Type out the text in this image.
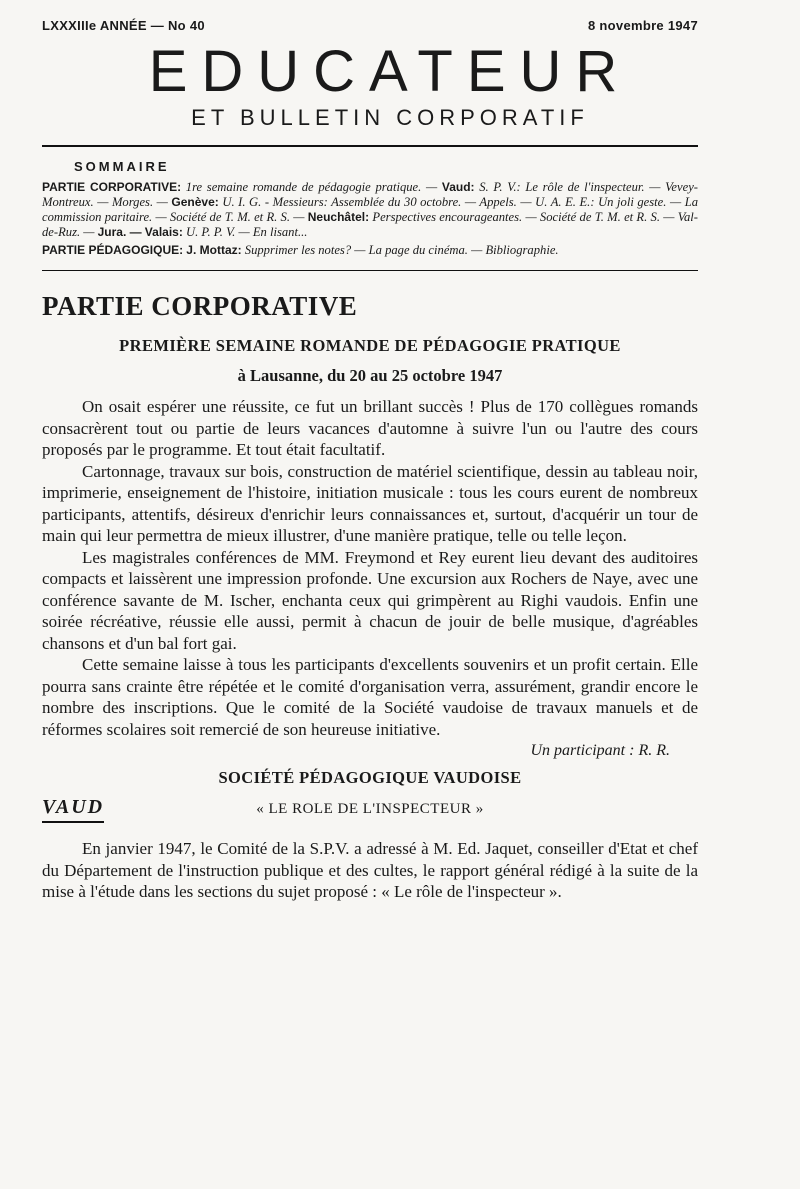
LXXXIIIe ANNÉE — No 40	8 novembre 1947
EDUCATEUR
ET BULLETIN CORPORATIF
SOMMAIRE

PARTIE CORPORATIVE: 1re semaine romande de pédagogie pratique. — Vaud: S. P. V.: Le rôle de l'inspecteur. — Vevey-Montreux. — Morges. — Genève: U. I. G. - Messieurs: Assemblée du 30 octobre. — Appels. — U. A. E. E.: Un joli geste. — La commission paritaire. — Société de T. M. et R. S. — Neuchâtel: Perspectives encourageantes. — Société de T. M. et R. S. — Val-de-Ruz. — Jura. — Valais: U. P. P. V. — En lisant...

PARTIE PÉDAGOGIQUE: J. Mottaz: Supprimer les notes? — La page du cinéma. — Bibliographie.

PARTIE CORPORATIVE
PREMIÈRE SEMAINE ROMANDE DE PÉDAGOGIE PRATIQUE
à Lausanne, du 20 au 25 octobre 1947

On osait espérer une réussite, ce fut un brillant succès ! Plus de 170 collègues romands consacrèrent tout ou partie de leurs vacances d'automne à suivre l'un ou l'autre des cours proposés par le programme. Et tout était facultatif.

Cartonnage, travaux sur bois, construction de matériel scientifique, dessin au tableau noir, imprimerie, enseignement de l'histoire, initiation musicale : tous les cours eurent de nombreux participants, attentifs, désireux d'enrichir leurs connaissances et, surtout, d'acquérir un tour de main qui leur permettra de mieux illustrer, d'une manière pratique, telle ou telle leçon.

Les magistrales conférences de MM. Freymond et Rey eurent lieu devant des auditoires compacts et laissèrent une impression profonde. Une excursion aux Rochers de Naye, avec une conférence savante de M. Ischer, enchanta ceux qui grimpèrent au Righi vaudois. Enfin une soirée récréative, réussie elle aussi, permit à chacun de jouir de belle musique, d'agréables chansons et d'un bal fort gai.

Cette semaine laisse à tous les participants d'excellents souvenirs et un profit certain. Elle pourra sans crainte être répétée et le comité d'organisation verra, assurément, grandir encore le nombre des inscriptions. Que le comité de la Société vaudoise de travaux manuels et de réformes scolaires soit remercié de son heureuse initiative.

Un participant : R. R.
SOCIÉTÉ PÉDAGOGIQUE VAUDOISE
VAUD	« LE ROLE DE L'INSPECTEUR »

En janvier 1947, le Comité de la S.P.V. a adressé à M. Ed. Jaquet, conseiller d'Etat et chef du Département de l'instruction publique et des cultes, le rapport général rédigé à la suite de la mise à l'étude dans les sections du sujet proposé : « Le rôle de l'inspecteur ».
